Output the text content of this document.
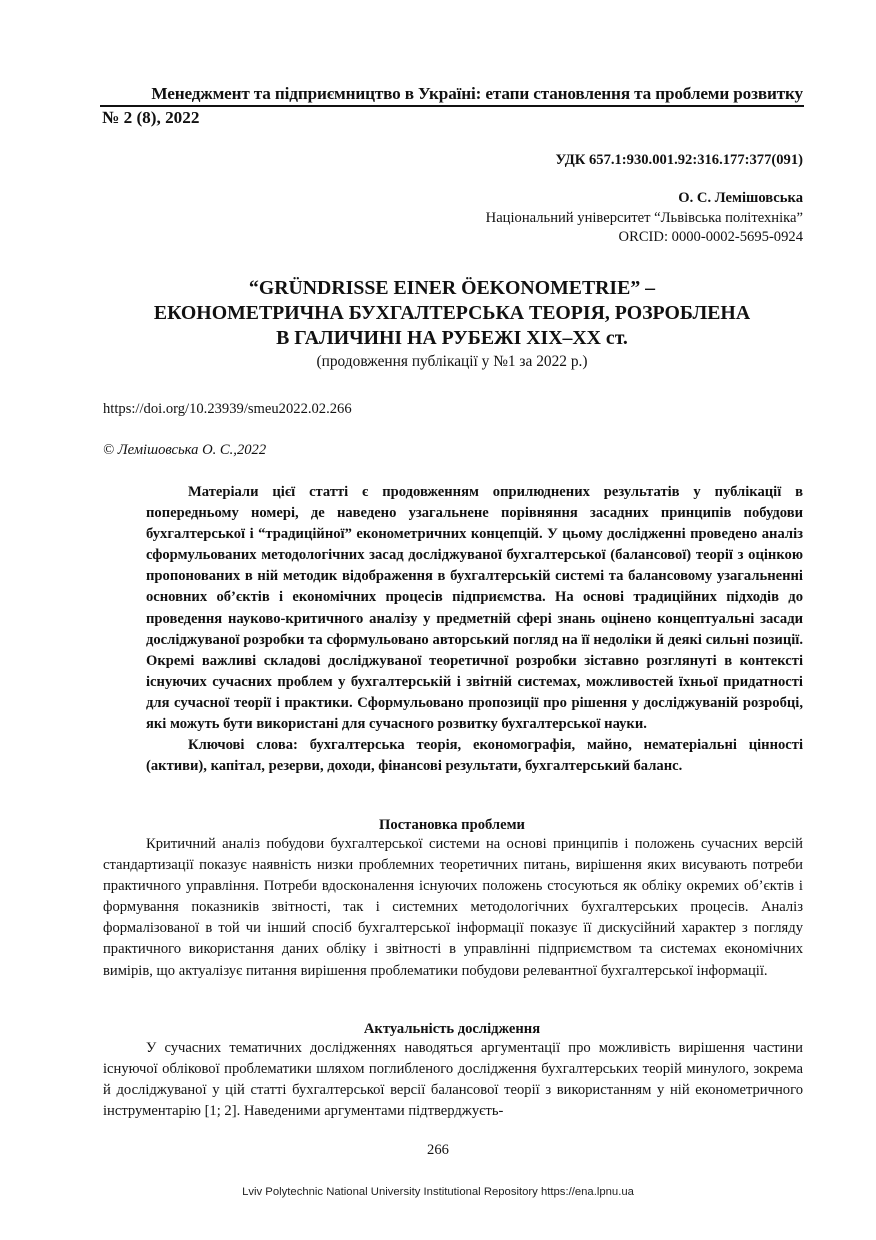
Менеджмент та підприємництво в Україні: етапи становлення та проблеми розвитку
№ 2 (8), 2022
УДК 657.1:930.001.92:316.177:377(091)
О. С. Лемішовська
Національний університет “Львівська політехніка”
ORCID: 0000-0002-5695-0924
“GRÜNDRISSE EINER ÖEKONOMETRIE” –
ЕКОНОМЕТРИЧНА БУХГАЛТЕРСЬКА ТЕОРІЯ, РОЗРОБЛЕНА
В ГАЛИЧИНІ НА РУБЕЖІ XIX–XX ст.
(продовження публікації у №1 за 2022 р.)
https://doi.org/10.23939/smeu2022.02.266
© Лемішовська О. С.,2022

Матеріали цієї статті є продовженням оприлюднених результатів у публікації в попередньому номері, де наведено узагальнене порівняння засадних принципів побудови бухгалтерської і “традиційної” економетричних концепцій. У цьому дослідженні проведено аналіз сформульованих методологічних засад досліджуваної бухгалтерської (балансової) теорії з оцінкою пропонованих в ній методик відображення в бухгалтерській системі та балансовому узагальненні основних об’єктів і економічних процесів підприємства. На основі традиційних підходів до проведення науково-критичного аналізу у предметній сфері знань оцінено концептуальні засади досліджуваної розробки та сформульовано авторський погляд на її недоліки й деякі сильні позиції. Окремі важливі складові досліджуваної теоретичної розробки зіставно розглянуті в контексті існуючих сучасних проблем у бухгалтерській і звітній системах, можливостей їхньої придатності для сучасної теорії і практики. Сформульовано пропозиції про рішення у досліджуваній розробці, які можуть бути використані для сучасного розвитку бухгалтерської науки.

Ключові слова: бухгалтерська теорія, економографія, майно, нематеріальні цінності (активи), капітал, резерви, доходи, фінансові результати, бухгалтерський баланс.

Постановка проблеми

Критичний аналіз побудови бухгалтерської системи на основі принципів і положень сучасних версій стандартизації показує наявність низки проблемних теоретичних питань, вирішення яких висувають потреби практичного управління. Потреби вдосконалення існуючих положень стосуються як обліку окремих об’єктів і формування показників звітності, так і системних методологічних бухгалтерських процесів. Аналіз формалізованої в той чи інший спосіб бухгалтерської інформації показує її дискусійний характер з погляду практичного використання даних обліку і звітності в управлінні підприємством та системах економічних вимірів, що актуалізує питання вирішення проблематики побудови релевантної бухгалтерської інформації.

Актуальність дослідження

У сучасних тематичних дослідженнях наводяться аргументації про можливість вирішення частини існуючої облікової проблематики шляхом поглибленого дослідження бухгалтерських теорій минулого, зокрема й досліджуваної у цій статті бухгалтерської версії балансової теорії з використанням у ній економетричного інструментарію [1; 2]. Наведеними аргументами підтверджуєть-

266
Lviv Polytechnic National University Institutional Repository https://ena.lpnu.ua
